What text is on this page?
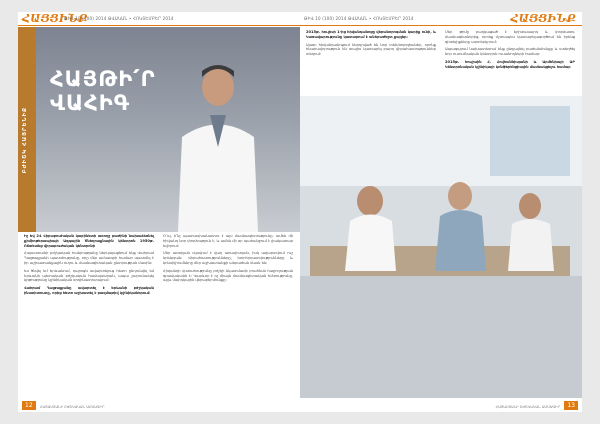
ՀԱՅՑԻՆՔ
ԹԻՎ 10 (100) 2014 ԹՎԱԿԱՆ • ՀՈԿՏԵՄԲԵՐ 2014
ԲԺԻՇԿ ՀԱՅՐԵՆԻՔ
ՀԱՅԹԻ՛Ր
ՎԱՀԻԳ

Ւջ Եվ 2Վ Վիրաբուժական կաբինետի առողջ բաժինի նախաձեռնել քիմիոթերապիայի Ազգային Ծնեղոաքնային կենտրոն 1950թ. Ոճտեանց վիրաբուժական կենտրոնի

Հայաստանի բժշկական հանրությանը ներկայացնում ենք Վահրամ Ղալթաքյանի պատմությունը, որը մեր ամսագրի համար պատմել է իր աշխատանքային ուղու և մասնագիտական ընտրության մասին։

Ես ծնվել եմ Երևանում, դպրոցն ավարտելուց հետո ընդունվել եմ Երևանի պետական բժշկական համալսարան, ապա շարունակել կրթությունը կլինիկական օրդինատուրայում։

Վահրամ Ղալթաքյանը ավարտել է Երևանի բժշկական ինստիտուտը, որից հետո աշխատել է բազմաթիվ կլինիկաներում։

Օ՜պ, ի՛նչ պատասխանատու է այս մասնագիտությունը. ամեն մի հիվանդ նոր փորձություն է, և ամեն մի օր պահանջում է լիակատար նվիրում։

Մեր առօրյան սկսվում է վաղ առավոտյան, իսկ ավարտվում ուշ երեկոյան։ Վիրահատությունները, խորհրդատվությունները և կոնսիլիումները մեր աշխատանքի անբաժան մասն են։

Հիվանդի վստահությունը բժշկի նկատմամբ բուժման հաջողության գրավականն է։ Կարևոր է ոչ միայն մասնագիտական հմտությունը, այլև մարդկային վերաբերմունքը։

12	ՀԱՅԱՍՏԱՆԻ ԲԺՇԿԱԿԱՆ ԱՄՍԱԳԻՐ
ԹԻՎ 10 (100) 2014 ԹՎԱԿԱՆ • ՀՈԿՏԵՄԲԵՐ 2014	ՀԱՅՑԻՆՔ

2015թ. հուլիսի 1-ից հիվանդանոցը վերանորոգման կարիք ունի, և Կառավարությունը կատարում է անհրաժեշտ քայլեր։

Այսօր հիվանդանոցում ներդրված են նոր տեխնոլոգիաներ, որոնք հնարավորություն են տալիս կատարել բարդ վիրահատություններ տեղում։

Մեր թիմը բաղկացած է երիտասարդ և փորձառու մասնագետներից, որոնք մշտապես կատարելագործում են իրենց գիտելիքները արտերկրում։

Ապագայում նախատեսում ենք ընդլայնել բաժանմունքը և ստեղծել նոր ուսումնական կենտրոն ուսանողների համար։

2015թ. հուլիսին Հ. Հովհաննիսյանի և Արմենիայի ԱԲ Կենտրոնական կլինիկայի կոնֆերենցիային մասնակցելու համար

ՀԱՅԱՍՏԱՆԻ ԲԺՇԿԱԿԱՆ ԱՄՍԱԳԻՐ	13
